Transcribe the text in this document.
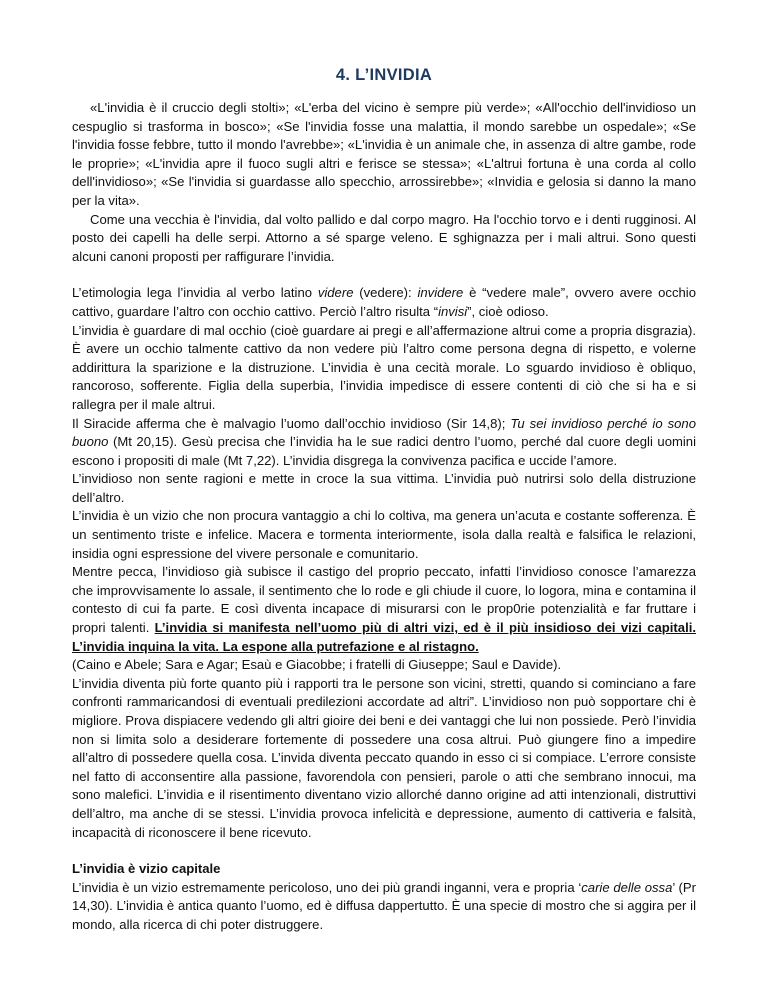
4. L’INVIDIA

«L'invidia è il cruccio degli stolti»; «L'erba del vicino è sempre più verde»; «All'occhio dell'invidioso un cespuglio si trasforma in bosco»; «Se l'invidia fosse una malattia, il mondo sarebbe un ospedale»; «Se l'invidia fosse febbre, tutto il mondo l'avrebbe»; «L'invidia è un animale che, in assenza di altre gambe, rode le proprie»; «L'invidia apre il fuoco sugli altri e ferisce se stessa»; «L'altrui fortuna è una corda al collo dell'invidioso»; «Se l'invidia si guardasse allo specchio, arrossirebbe»; «Invidia e gelosia si danno la mano per la vita».

Come una vecchia è l'invidia, dal volto pallido e dal corpo magro. Ha l'occhio torvo e i denti rugginosi. Al posto dei capelli ha delle serpi. Attorno a sé sparge veleno. E sghignazza per i mali altrui. Sono questi alcuni canoni proposti per raffigurare l’invidia.

L’etimologia lega l’invidia al verbo latino videre (vedere): invidere è “vedere male”, ovvero avere occhio cattivo, guardare l’altro con occhio cattivo. Perciò l’altro risulta “invisi”, cioè odioso.

L’invidia è guardare di mal occhio (cioè guardare ai pregi e all’affermazione altrui come a propria disgrazia). È avere un occhio talmente cattivo da non vedere più l’altro come persona degna di rispetto, e volerne addirittura la sparizione e la distruzione. L’invidia è una cecità morale. Lo sguardo invidioso è obliquo, rancoroso, sofferente. Figlia della superbia, l’invidia impedisce di essere contenti di ciò che si ha e si rallegra per il male altrui.

Il Siracide afferma che è malvagio l’uomo dall’occhio invidioso (Sir 14,8); Tu sei invidioso perché io sono buono (Mt 20,15). Gesù precisa che l’invidia ha le sue radici dentro l’uomo, perché dal cuore degli uomini escono i propositi di male (Mt 7,22). L’invidia disgrega la convivenza pacifica e uccide l’amore.

L’invidioso non sente ragioni e mette in croce la sua vittima. L’invidia può nutrirsi solo della distruzione dell’altro.

L’invidia è un vizio che non procura vantaggio a chi lo coltiva, ma genera un’acuta e costante sofferenza. È un sentimento triste e infelice. Macera e tormenta interiormente, isola dalla realtà e falsifica le relazioni, insidia ogni espressione del vivere personale e comunitario.

Mentre pecca, l’invidioso già subisce il castigo del proprio peccato, infatti l’invidioso conosce l’amarezza che improvvisamente lo assale, il sentimento che lo rode e gli chiude il cuore, lo logora, mina e contamina il contesto di cui fa parte. E così diventa incapace di misurarsi con le prop0rie potenzialità e far fruttare i propri talenti. L’invidia si manifesta nell’uomo più di altri vizi, ed è il più insidioso dei vizi capitali. L’invidia inquina la vita. La espone alla putrefazione e al ristagno.

(Caino e Abele; Sara e Agar; Esaù e Giacobbe; i fratelli di Giuseppe; Saul e Davide).

L’invidia diventa più forte quanto più i rapporti tra le persone son vicini, stretti, quando si cominciano a fare confronti rammaricandosi di eventuali predilezioni accordate ad altri”. L’invidioso non può sopportare chi è migliore. Prova dispiacere vedendo gli altri gioire dei beni e dei vantaggi che lui non possiede. Però l’invidia non si limita solo a desiderare fortemente di possedere una cosa altrui. Può giungere fino a impedire all’altro di possedere quella cosa. L’invida diventa peccato quando in esso ci si compiace. L’errore consiste nel fatto di acconsentire alla passione, favorendola con pensieri, parole o atti che sembrano innocui, ma sono malefici. L’invidia e il risentimento diventano vizio allorché danno origine ad atti intenzionali, distruttivi dell’altro, ma anche di se stessi. L’invidia provoca infelicità e depressione, aumento di cattiveria e falsità, incapacità di riconoscere il bene ricevuto.

L’invidia è vizio capitale

L’invidia è un vizio estremamente pericoloso, uno dei più grandi inganni, vera e propria ‘carie delle ossa’ (Pr 14,30). L’invidia è antica quanto l’uomo, ed è diffusa dappertutto. È una specie di mostro che si aggira per il mondo, alla ricerca di chi poter distruggere.
